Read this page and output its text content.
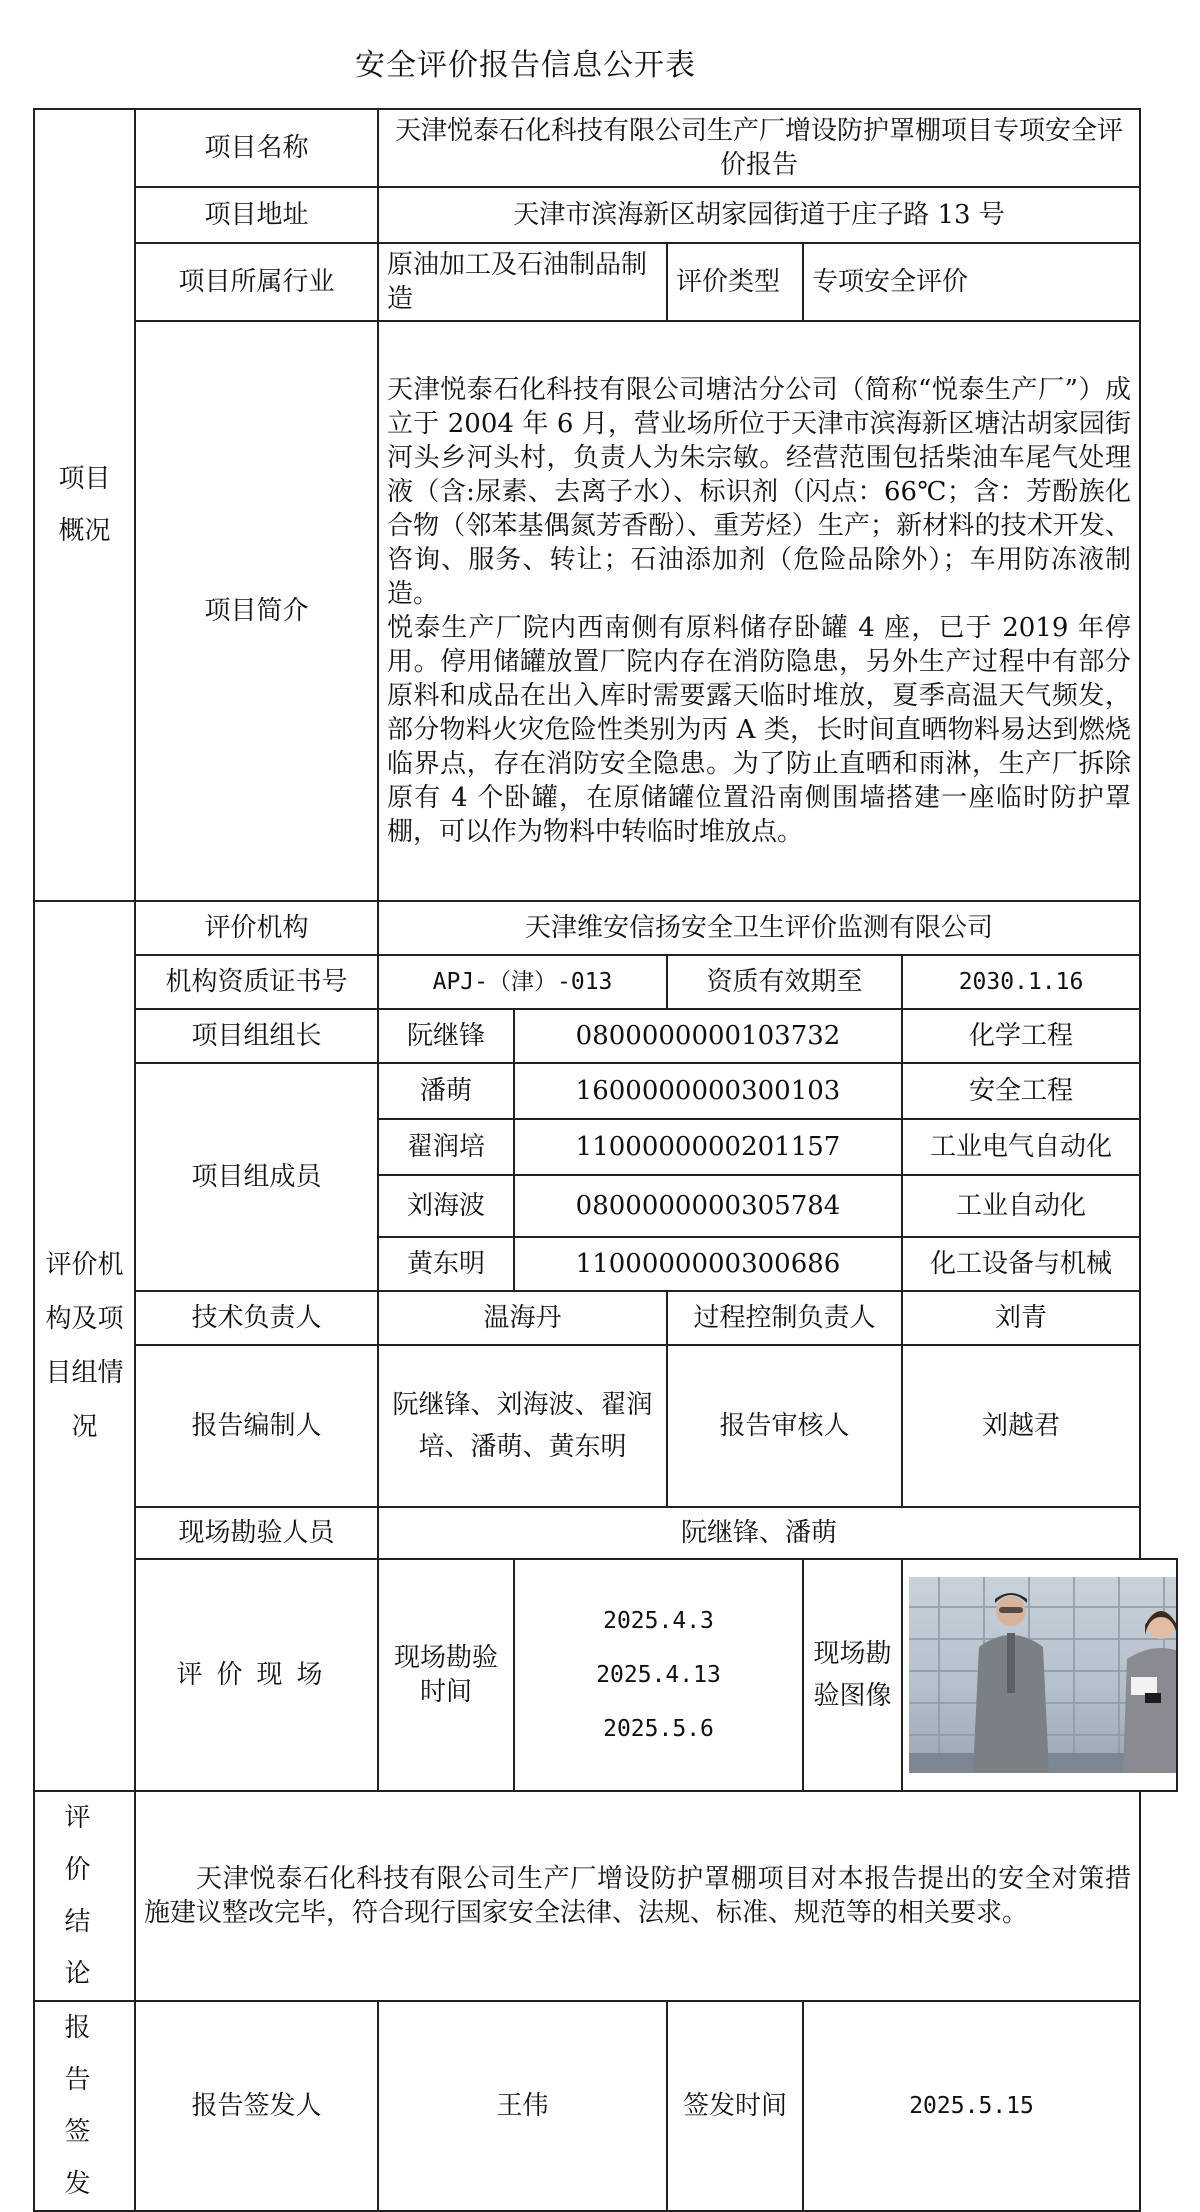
安全评价报告信息公开表
项目概况	项目名称	天津悦泰石化科技有限公司生产厂增设防护罩棚项目专项安全评价报告				
	项目地址	天津市滨海新区胡家园街道于庄子路 13 号				
	项目所属行业	原油加工及石油制品制造		评价类型	专项安全评价	
	项目简介	天津悦泰石化科技有限公司塘沽分公司（简称“悦泰生产厂”）成立于 2004 年 6 月，营业场所位于天津市滨海新区塘沽胡家园街河头乡河头村，负责人为朱宗敏。经营范围包括柴油车尾气处理液（含:尿素、去离子水）、标识剂（闪点：66℃；含：芳酚族化合物（邻苯基偶氮芳香酚）、重芳烃）生产；新材料的技术开发、咨询、服务、转让；石油添加剂（危险品除外）；车用防冻液制造。
悦泰生产厂院内西南侧有原料储存卧罐 4 座，已于 2019 年停用。停用储罐放置厂院内存在消防隐患，另外生产过程中有部分原料和成品在出入库时需要露天临时堆放，夏季高温天气频发，部分物料火灾危险性类别为丙 A 类，长时间直晒物料易达到燃烧临界点，存在消防安全隐患。为了防止直晒和雨淋，生产厂拆除原有 4 个卧罐，在原储罐位置沿南侧围墙搭建一座临时防护罩棚，可以作为物料中转临时堆放点。				

评价机构及项目组情况	评价机构	天津维安信扬安全卫生评价监测有限公司				
	机构资质证书号	APJ-（津）-013		资质有效期至		2030.1.16
	项目组组长	阮继锋	0800000000103732			化学工程
	项目组成员	潘萌	1600000000300103			安全工程
		翟润培	1100000000201157			工业电气自动化
		刘海波	0800000000305784			工业自动化
		黄东明	1100000000300686			化工设备与机械
	技术负责人	温海丹		过程控制负责人		刘青
	报告编制人	阮继锋、刘海波、翟润培、潘萌、黄东明		报告审核人		刘越君
	现场勘验人员	阮继锋、潘萌				
	评价现场	现场勘验时间	2025.4.3
2025.4.13
2025.5.6		现场勘验图像	

评价结论	天津悦泰石化科技有限公司生产厂增设防护罩棚项目对本报告提出的安全对策措施建议整改完毕，符合现行国家安全法律、法规、标准、规范等的相关要求。					

报告签发	报告签发人	王伟		签发时间	2025.5.15	
